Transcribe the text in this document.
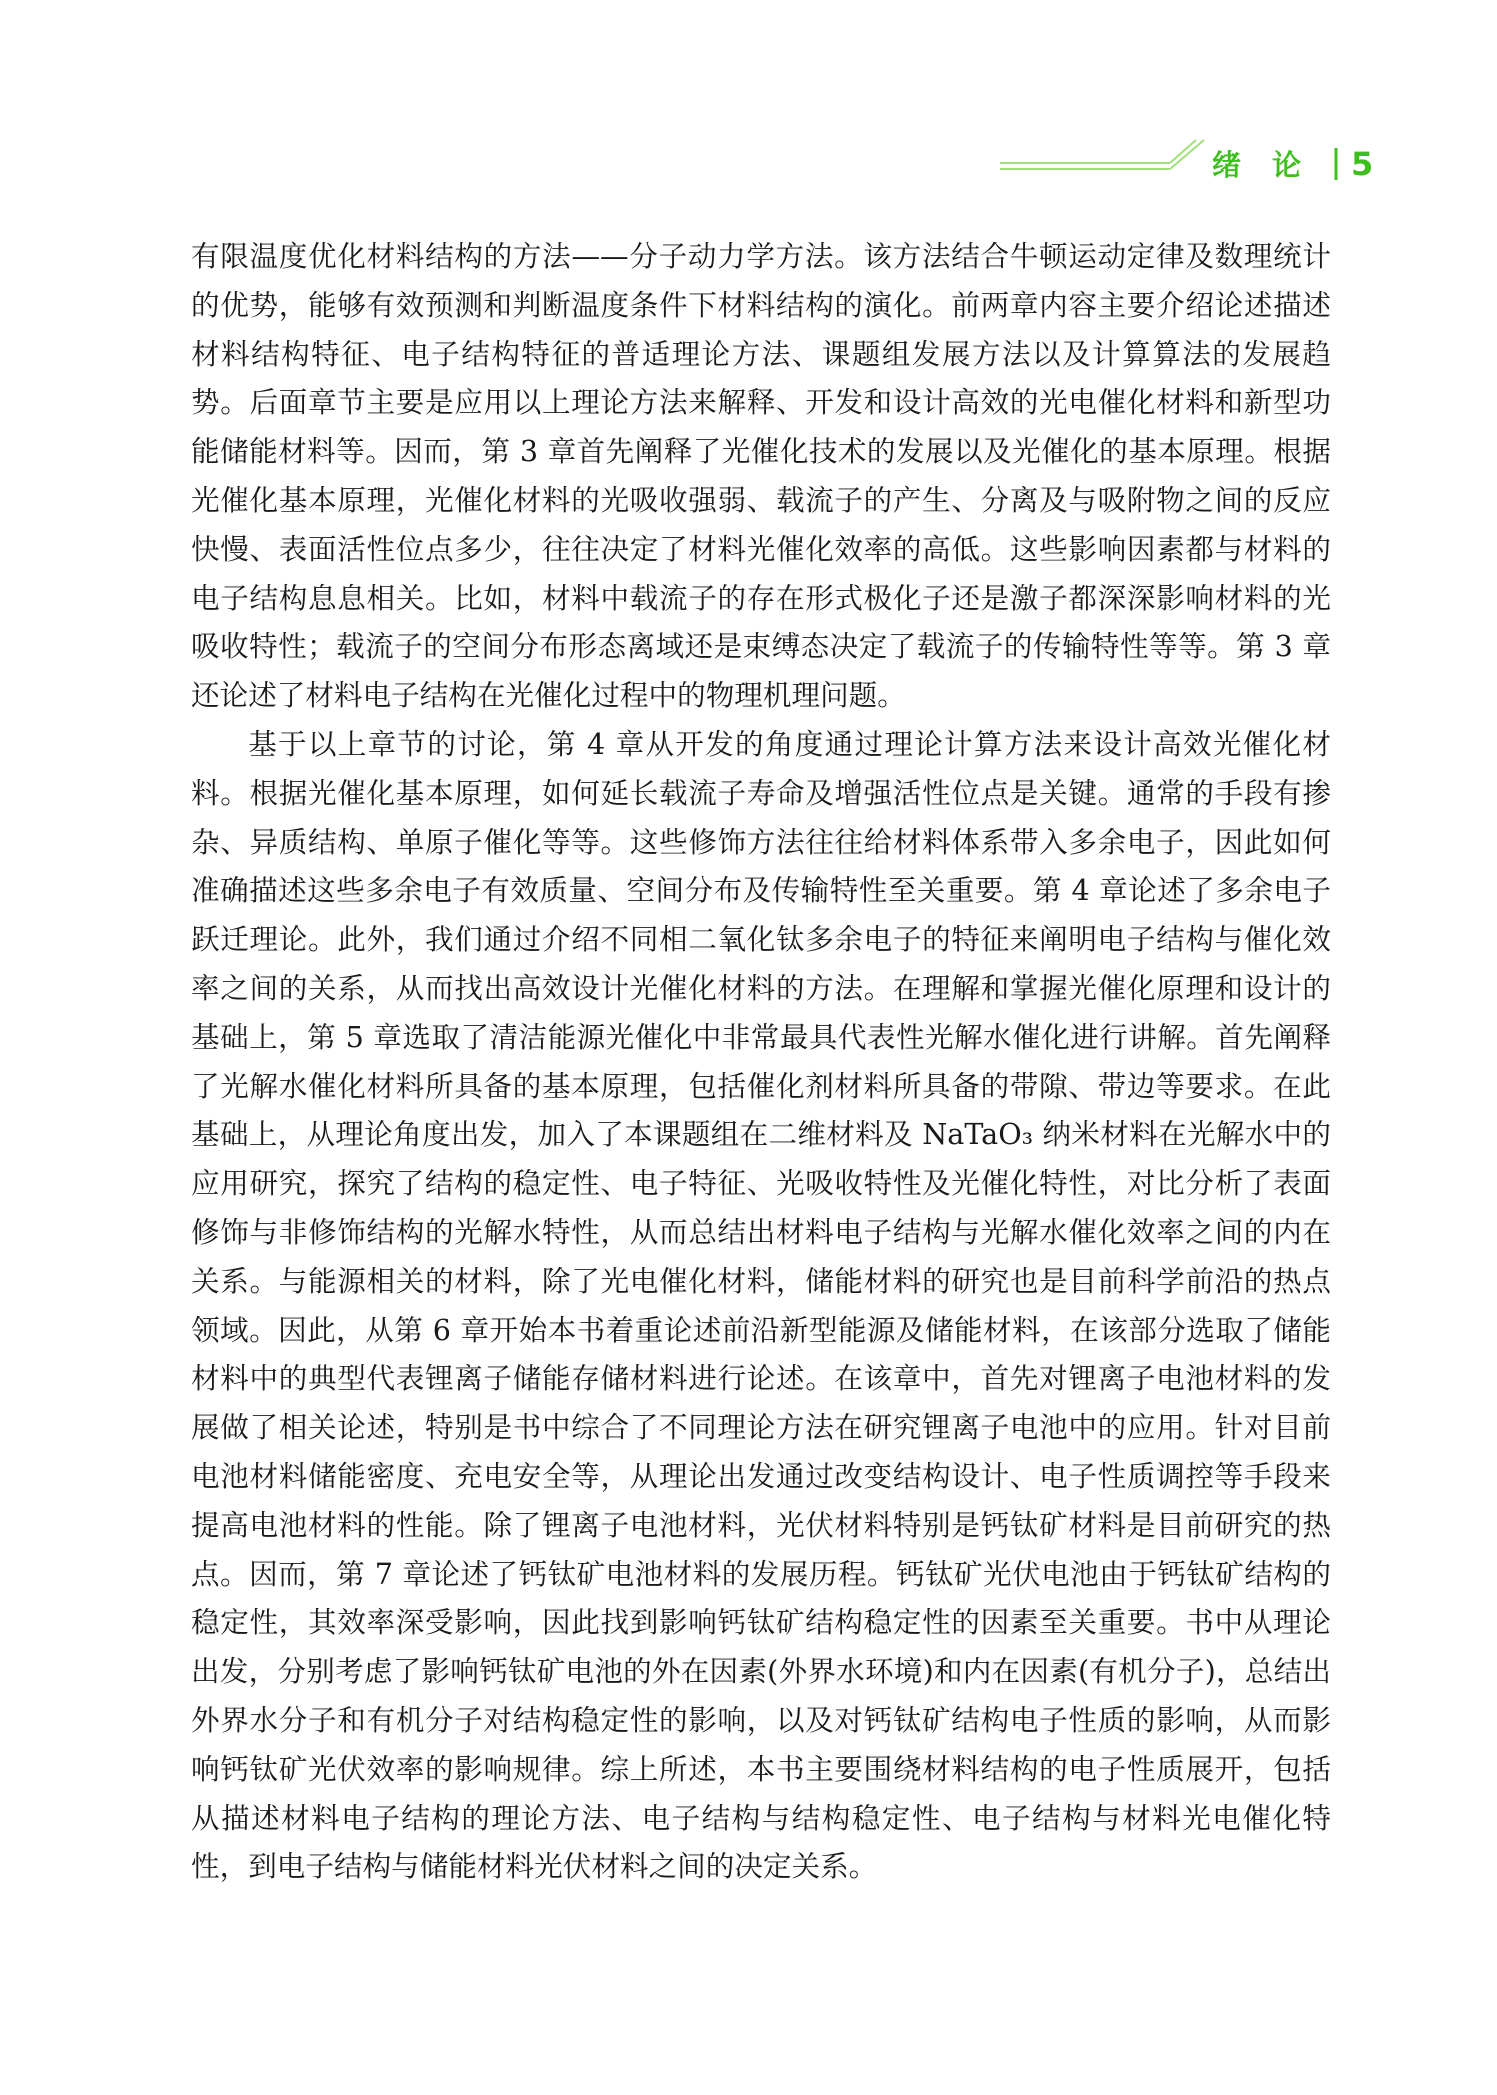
绪论 5

有限温度优化材料结构的方法——分子动力学方法。该方法结合牛顿运动定律及数理统计的优势，能够有效预测和判断温度条件下材料结构的演化。前两章内容主要介绍论述描述材料结构特征、电子结构特征的普适理论方法、课题组发展方法以及计算算法的发展趋势。后面章节主要是应用以上理论方法来解释、开发和设计高效的光电催化材料和新型功能储能材料等。因而，第 3 章首先阐释了光催化技术的发展以及光催化的基本原理。根据光催化基本原理，光催化材料的光吸收强弱、载流子的产生、分离及与吸附物之间的反应快慢、表面活性位点多少，往往决定了材料光催化效率的高低。这些影响因素都与材料的电子结构息息相关。比如，材料中载流子的存在形式极化子还是激子都深深影响材料的光吸收特性；载流子的空间分布形态离域还是束缚态决定了载流子的传输特性等等。第 3 章还论述了材料电子结构在光催化过程中的物理机理问题。

基于以上章节的讨论，第 4 章从开发的角度通过理论计算方法来设计高效光催化材料。根据光催化基本原理，如何延长载流子寿命及增强活性位点是关键。通常的手段有掺杂、异质结构、单原子催化等等。这些修饰方法往往给材料体系带入多余电子，因此如何准确描述这些多余电子有效质量、空间分布及传输特性至关重要。第 4 章论述了多余电子跃迁理论。此外，我们通过介绍不同相二氧化钛多余电子的特征来阐明电子结构与催化效率之间的关系，从而找出高效设计光催化材料的方法。在理解和掌握光催化原理和设计的基础上，第 5 章选取了清洁能源光催化中非常最具代表性光解水催化进行讲解。首先阐释了光解水催化材料所具备的基本原理，包括催化剂材料所具备的带隙、带边等要求。在此基础上，从理论角度出发，加入了本课题组在二维材料及 NaTaO₃ 纳米材料在光解水中的应用研究，探究了结构的稳定性、电子特征、光吸收特性及光催化特性，对比分析了表面修饰与非修饰结构的光解水特性，从而总结出材料电子结构与光解水催化效率之间的内在关系。与能源相关的材料，除了光电催化材料，储能材料的研究也是目前科学前沿的热点领域。因此，从第 6 章开始本书着重论述前沿新型能源及储能材料，在该部分选取了储能材料中的典型代表锂离子储能存储材料进行论述。在该章中，首先对锂离子电池材料的发展做了相关论述，特别是书中综合了不同理论方法在研究锂离子电池中的应用。针对目前电池材料储能密度、充电安全等，从理论出发通过改变结构设计、电子性质调控等手段来提高电池材料的性能。除了锂离子电池材料，光伏材料特别是钙钛矿材料是目前研究的热点。因而，第 7 章论述了钙钛矿电池材料的发展历程。钙钛矿光伏电池由于钙钛矿结构的稳定性，其效率深受影响，因此找到影响钙钛矿结构稳定性的因素至关重要。书中从理论出发，分别考虑了影响钙钛矿电池的外在因素(外界水环境)和内在因素(有机分子)，总结出外界水分子和有机分子对结构稳定性的影响，以及对钙钛矿结构电子性质的影响，从而影响钙钛矿光伏效率的影响规律。综上所述，本书主要围绕材料结构的电子性质展开，包括从描述材料电子结构的理论方法、电子结构与结构稳定性、电子结构与材料光电催化特性，到电子结构与储能材料光伏材料之间的决定关系。
